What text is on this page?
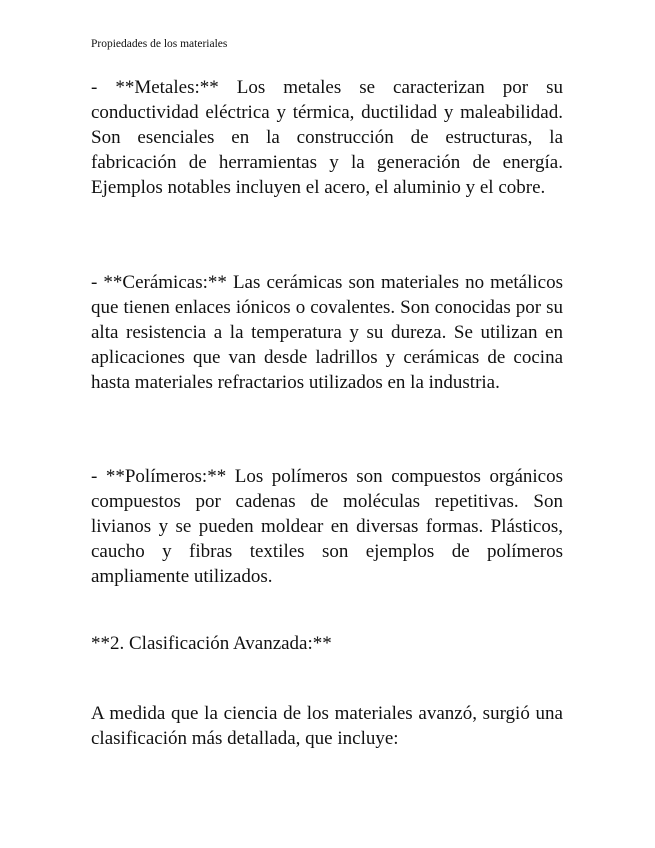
Propiedades de los materiales

- **Metales:** Los metales se caracterizan por su conductividad eléctrica y térmica, ductilidad y maleabilidad. Son esenciales en la construcción de estructuras, la fabricación de herramientas y la generación de energía. Ejemplos notables incluyen el acero, el aluminio y el cobre.

- **Cerámicas:** Las cerámicas son materiales no metálicos que tienen enlaces iónicos o covalentes. Son conocidas por su alta resistencia a la temperatura y su dureza. Se utilizan en aplicaciones que van desde ladrillos y cerámicas de cocina hasta materiales refractarios utilizados en la industria.

- **Polímeros:** Los polímeros son compuestos orgánicos compuestos por cadenas de moléculas repetitivas. Son livianos y se pueden moldear en diversas formas. Plásticos, caucho y fibras textiles son ejemplos de polímeros ampliamente utilizados.

**2. Clasificación Avanzada:**

A medida que la ciencia de los materiales avanzó, surgió una clasificación más detallada, que incluye:
